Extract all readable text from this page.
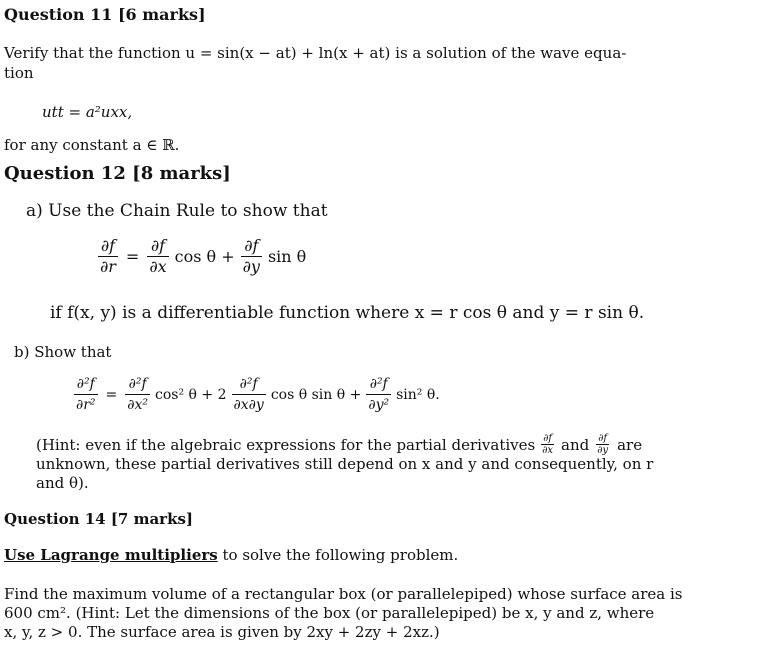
Question 11 [6 marks]
Verify that the function u = sin(x − at) + ln(x + at) is a solution of the wave equa-
tion
utt = a²uxx,
for any constant a ∈ ℝ.
Question 12 [8 marks]
a) Use the Chain Rule to show that
$\frac{\partial f}{\partial r} = \frac{\partial f}{\partial x}$ $\cos \theta + \frac{\partial f}{\partial y}$ sin θ
if f(x, y) is a differentiable function where x = r cos θ and y = r sin θ.
b) Show that
$\frac{\text{∂²f}}{\text{∂r²}} = \frac{\text{∂²f}}{\text{∂x²}} \cos^2$ $\theta + 2 \frac{\text{∂²f}}{\partial x\partial y}$ cos θ $\sin \theta + \frac{\text{∂²f}}{\text{∂y²}} \sin^2$ θ.
(Hint: even if the algebraic expressions for the partial derivatives $\frac{\partial f}{\partial x}$ and $\frac{\partial f}{\partial y}$ are
unknown, these partial derivatives still depend on x and y and consequently, on r
and θ).
Question 14 [7 marks]
Use Lagrange multipliers to solve the following problem.
Find the maximum volume of a rectangular box (or parallelepiped) whose surface area is
600 cm². (Hint: Let the dimensions of the box (or parallelepiped) be x, y and z, where
x, y, z > 0. The surface area is given by 2xy + 2zy + 2xz.)
